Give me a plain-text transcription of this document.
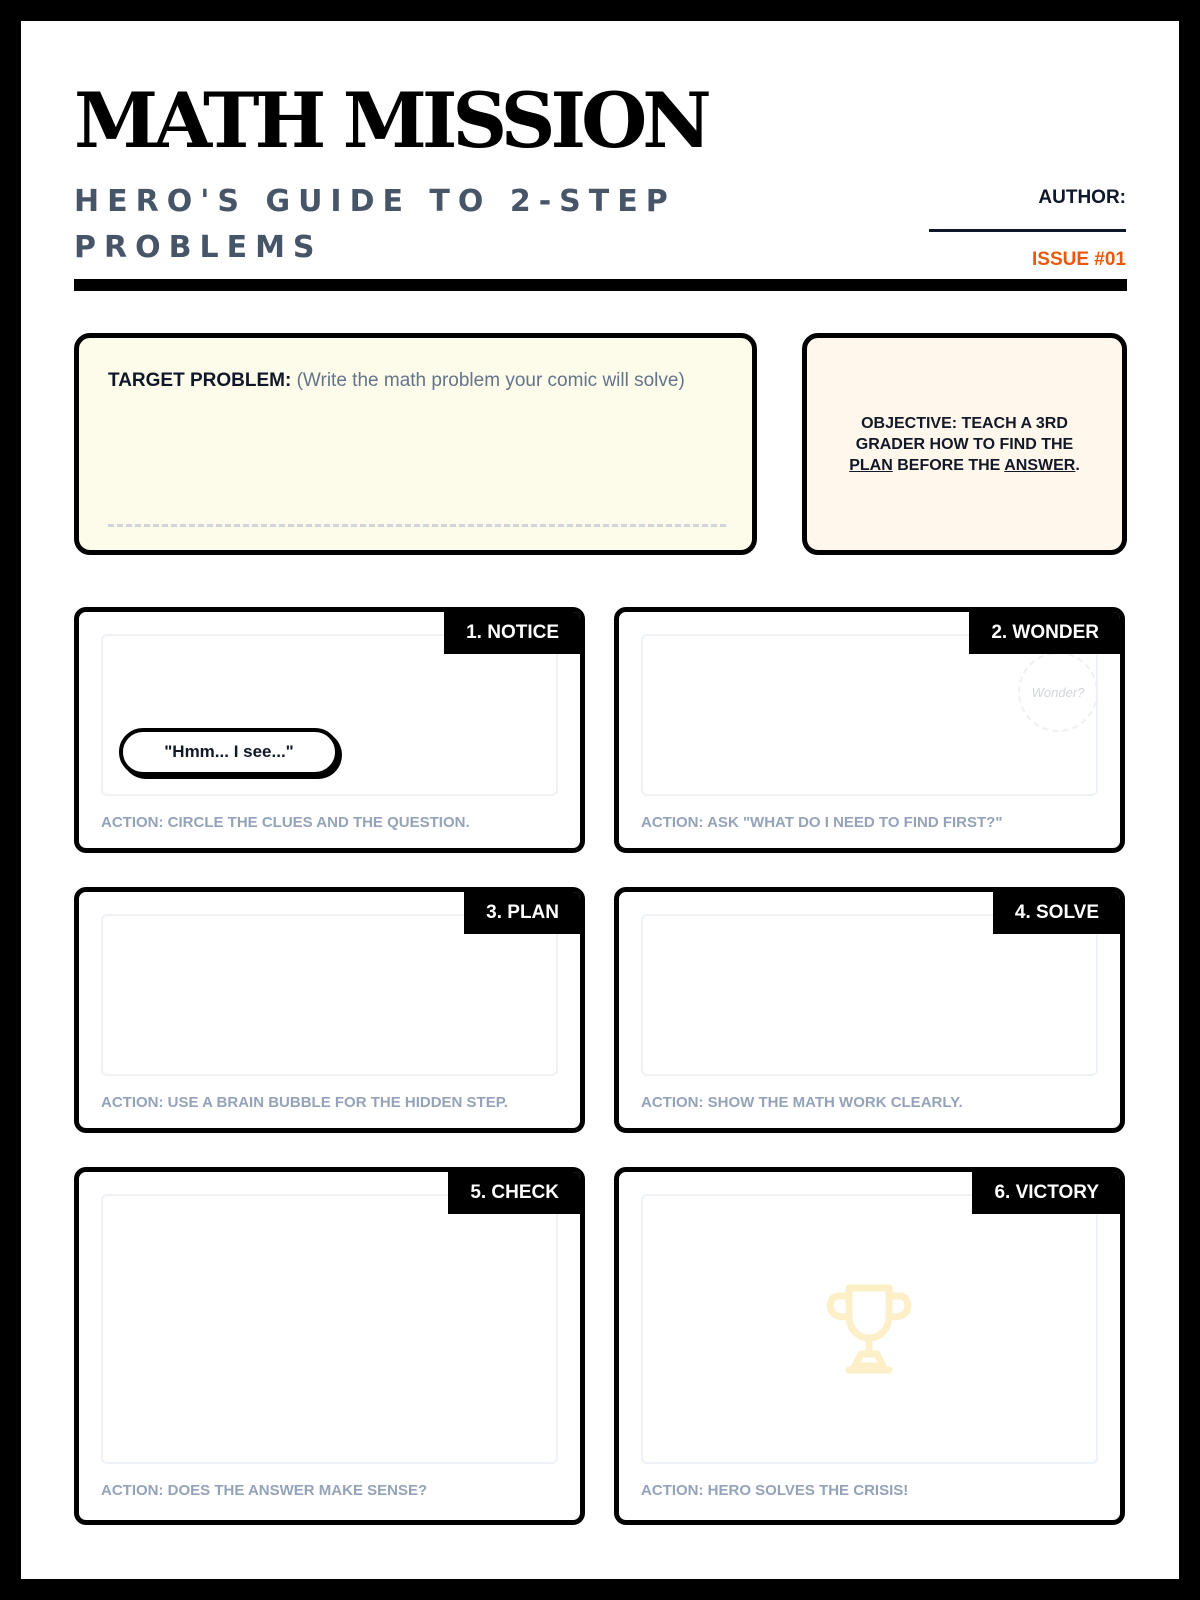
MATH MISSION
HERO'S GUIDE TO 2-STEP PROBLEMS
AUTHOR:
ISSUE #01
TARGET PROBLEM: (Write the math problem your comic will solve)
OBJECTIVE: TEACH A 3RD GRADER HOW TO FIND THE PLAN BEFORE THE ANSWER.
"Hmm... I see..."
1. NOTICE
ACTION: CIRCLE THE CLUES AND THE QUESTION.
Wonder?
2. WONDER
ACTION: ASK "WHAT DO I NEED TO FIND FIRST?"
3. PLAN
ACTION: USE A BRAIN BUBBLE FOR THE HIDDEN STEP.
4. SOLVE
ACTION: SHOW THE MATH WORK CLEARLY.
5. CHECK
ACTION: DOES THE ANSWER MAKE SENSE?
6. VICTORY
ACTION: HERO SOLVES THE CRISIS!
